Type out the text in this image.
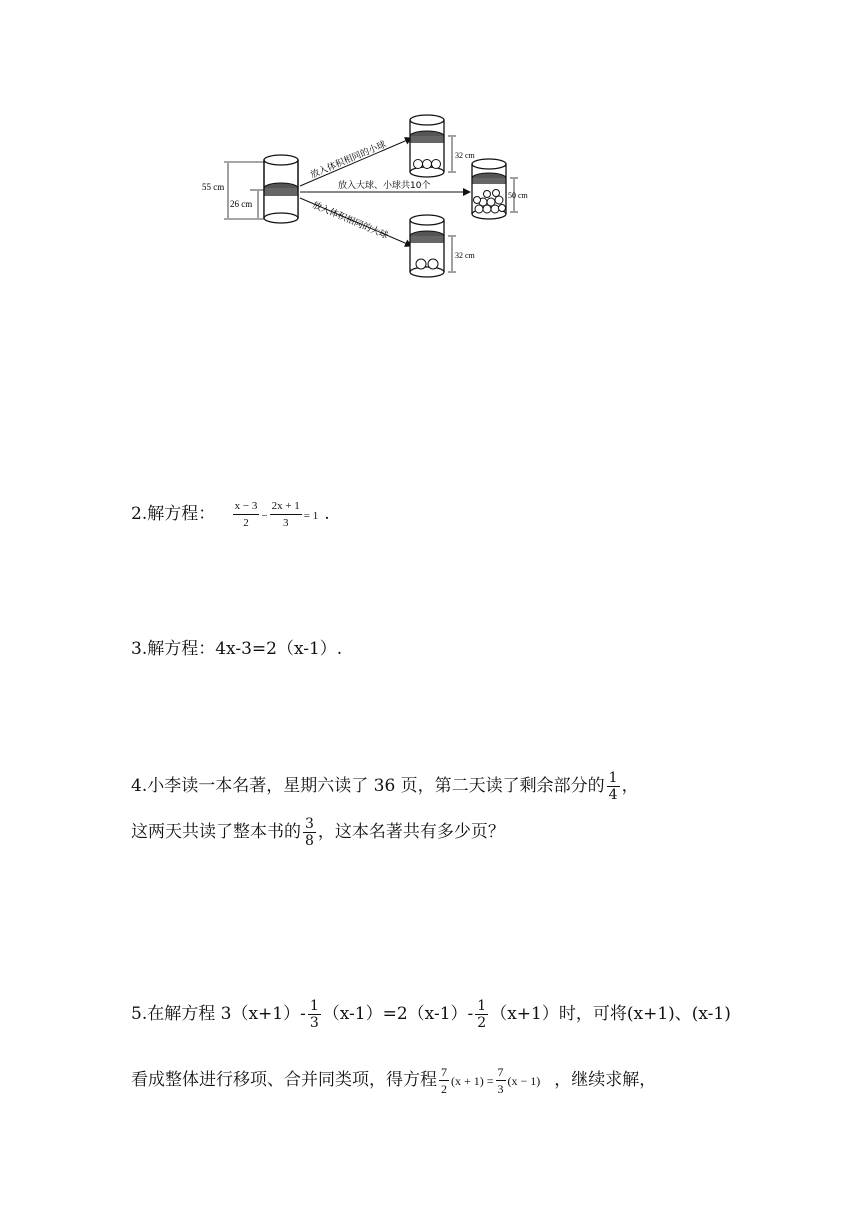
55 cm
26 cm
放入体积相同的小球
放入大球、小球共10个
放入体积相同的大球
32 cm
50 cm
32 cm
2.解方程： $\frac{x - 3}{2} - \frac{2x + 1}{3} = 1$ .
3.解方程：4x-3=2（x-1）.
4.小李读一本名著，星期六读了 36 页，第二天读了剩余部分的 $\frac{1}{4}$ ，
这两天共读了整本书的 $\frac{3}{8}$ ，这本名著共有多少页？
5.在解方程 $3(x+1)- \frac{1}{3} (x-1)=2(x-1)- \frac{1}{2} (x+1)$时，可将(x+1)、(x-1)
看成整体进行移项、合并同类项，得方程 $\frac{7}{2} (x + 1) = \frac{7}{3} (x - 1)$ ，继续求解，
